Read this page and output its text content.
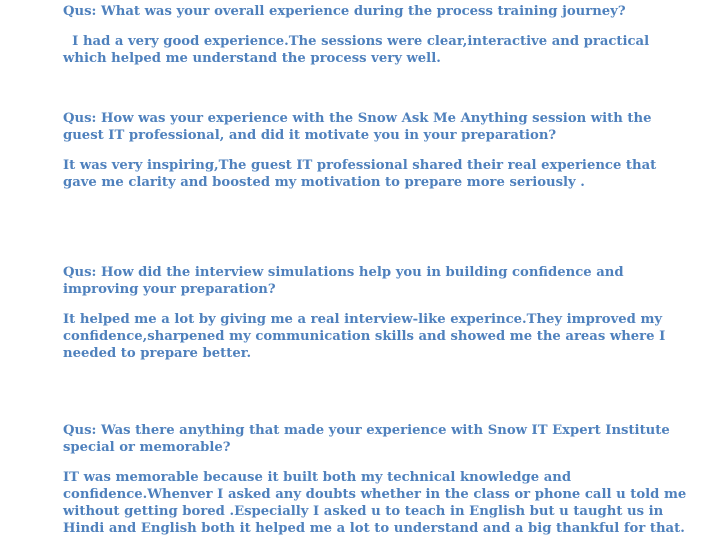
Qus: What was your overall experience during the process training journey?
I had a very good experience.The sessions were clear,interactive and practical
which helped me understand the process very well.
Qus: How was your experience with the Snow Ask Me Anything session with the
guest IT professional, and did it motivate you in your preparation?
It was very inspiring,The guest IT professional shared their real experience that
gave me clarity and boosted my motivation to prepare more seriously .
Qus: How did the interview simulations help you in building confidence and
improving your preparation?
It helped me a lot by giving me a real interview-like experince.They improved my
confidence,sharpened my communication skills and showed me the areas where I
needed to prepare better.
Qus: Was there anything that made your experience with Snow IT Expert Institute
special or memorable?
IT was memorable because it built both my technical knowledge and
confidence.Whenver I asked any doubts whether in the class or phone call u told me
without getting bored .Especially I asked u to teach in English but u taught us in
Hindi and English both it helped me a lot to understand and a big thankful for that.
